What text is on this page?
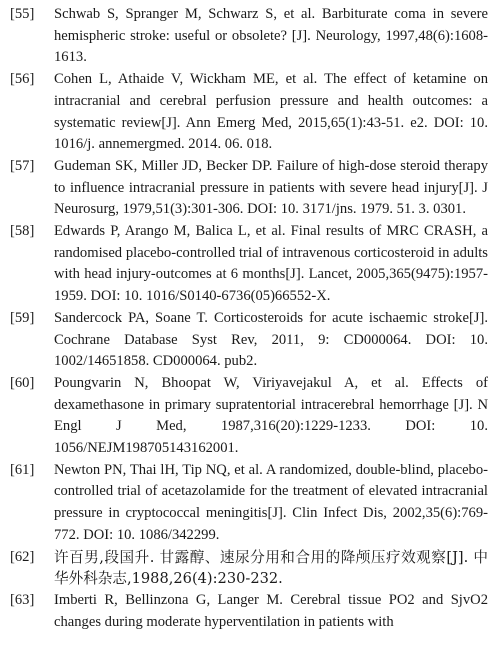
[55]	Schwab S, Spranger M, Schwarz S, et al. Barbiturate coma in severe hemispheric stroke: useful or obsolete? [J]. Neurology, 1997,48(6):1608-1613.
[56]	Cohen L, Athaide V, Wickham ME, et al. The effect of ketamine on intracranial and cerebral perfusion pressure and health outcomes: a systematic review[J]. Ann Emerg Med, 2015,65(1):43-51. e2. DOI: 10. 1016/j. annemergmed. 2014. 06. 018.
[57]	Gudeman SK, Miller JD, Becker DP. Failure of high-dose steroid therapy to influence intracranial pressure in patients with severe head injury[J]. J Neurosurg, 1979,51(3):301-306. DOI: 10. 3171/jns. 1979. 51. 3. 0301.
[58]	Edwards P, Arango M, Balica L, et al. Final results of MRC CRASH, a randomised placebo-controlled trial of intravenous corticosteroid in adults with head injury-outcomes at 6 months[J]. Lancet, 2005,365(9475):1957-1959. DOI: 10. 1016/S0140-6736(05)66552-X.
[59]	Sandercock PA, Soane T. Corticosteroids for acute ischaemic stroke[J]. Cochrane Database Syst Rev, 2011, 9: CD000064. DOI: 10. 1002/14651858. CD000064. pub2.
[60]	Poungvarin N, Bhoopat W, Viriyavejakul A, et al. Effects of dexamethasone in primary supratentorial intracerebral hemorrhage [J]. N Engl J Med, 1987,316(20):1229-1233. DOI: 10. 1056/NEJM198705143162001.
[61]	Newton PN, Thai lH, Tip NQ, et al. A randomized, double-blind, placebo-controlled trial of acetazolamide for the treatment of elevated intracranial pressure in cryptococcal meningitis[J]. Clin Infect Dis, 2002,35(6):769-772. DOI: 10. 1086/342299.
[62]	许百男,段国升. 甘露醇、速尿分用和合用的降颅压疗效观察[J]. 中华外科杂志,1988,26(4):230-232.
[63]	Imberti R, Bellinzona G, Langer M. Cerebral tissue PO2 and SjvO2 changes during moderate hyperventilation in patients with
